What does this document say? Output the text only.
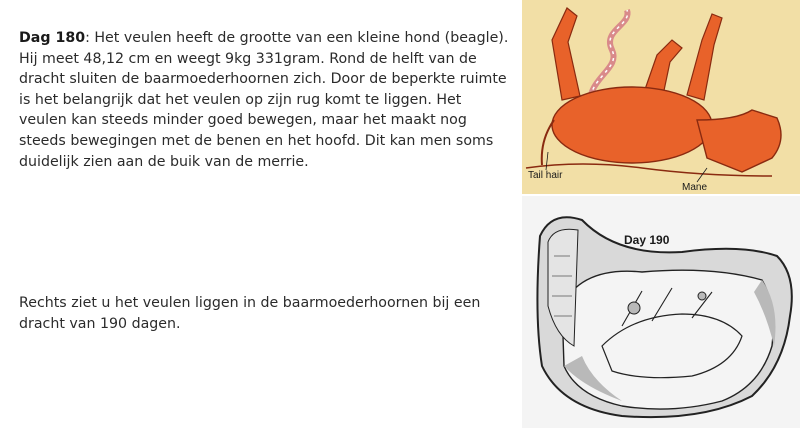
Dag 180: Het veulen heeft de grootte van een kleine hond (beagle). Hij meet 48,12 cm en weegt 9kg 331gram. Rond de helft van de dracht sluiten de baarmoederhoornen zich. Door de beperkte ruimte is het belangrijk dat het veulen op zijn rug komt te liggen. Het veulen kan steeds minder goed bewegen, maar het maakt nog steeds bewegingen met de benen en het hoofd. Dit kan men soms duidelijk zien aan de buik van de merrie.
Rechts ziet u het veulen liggen in de baarmoederhoornen bij een dracht van 190 dagen.
Tail hair
Mane
Day 190
